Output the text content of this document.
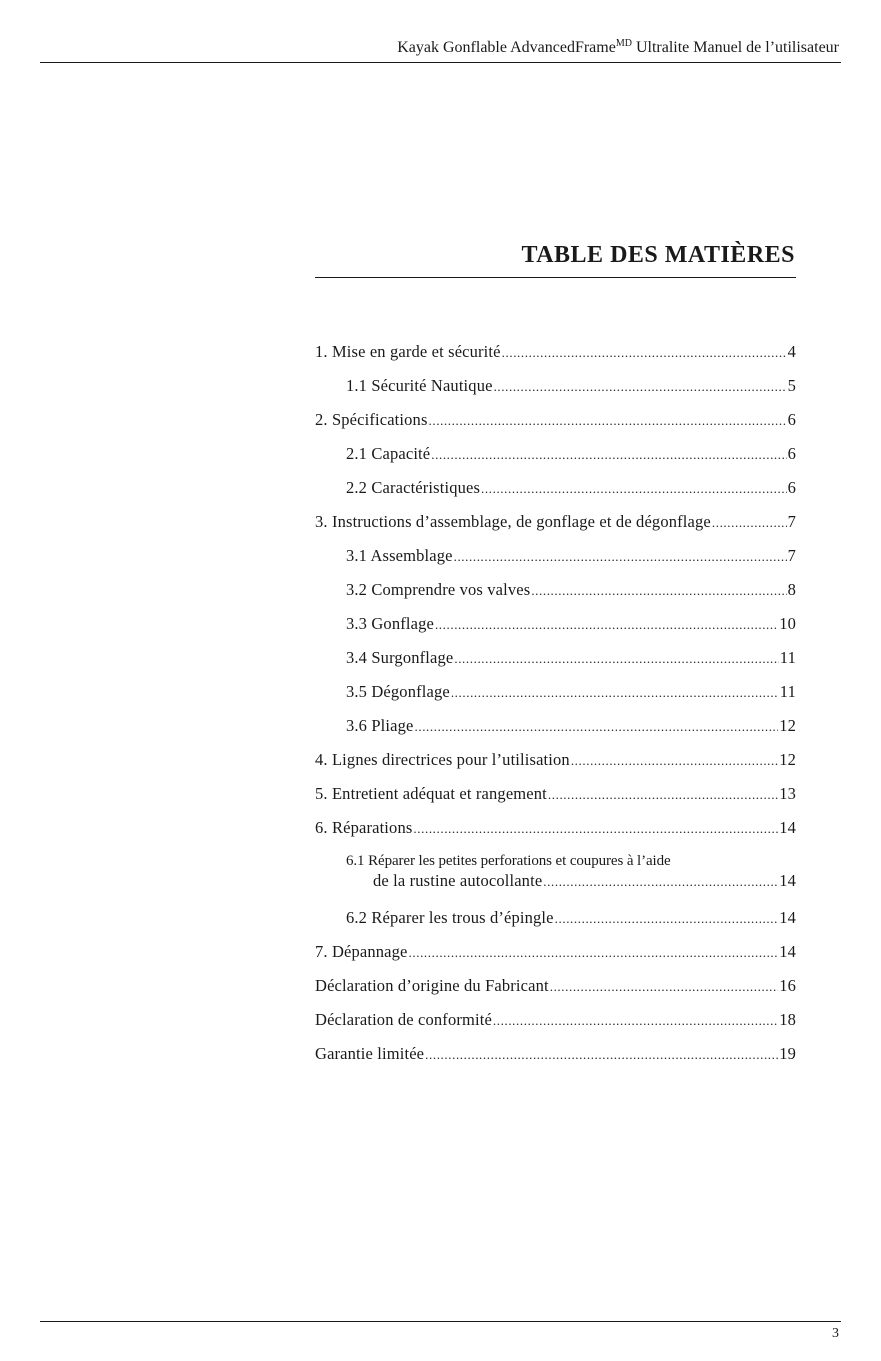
Kayak Gonflable AdvancedFrame$^{MD}$ Ultralite Manuel de l’utilisateur
TABLE DES MATIÈRES
1. Mise en garde et sécurité .....	4
1.1 Sécurité Nautique .....	5
2. Spécifications .....	6
2.1 Capacité .....	6
2.2 Caractéristiques .....	6
3. Instructions d’assemblage, de gonflage et de dégonflage .....	7
3.1 Assemblage .....	7
3.2 Comprendre vos valves .....	8
3.3 Gonflage .....	10
3.4 Surgonflage .....	11
3.5 Dégonflage .....	11
3.6 Pliage .....	12
4. Lignes directrices pour l’utilisation .....	12
5. Entretient adéquat et rangement .....	13
6. Réparations .....	14
6.1 Réparer les petites perforations et coupures à l’aide
de la rustine autocollante .....	14
6.2 Réparer les trous d’épingle .....	14
7. Dépannage .....	14
Déclaration d’origine du Fabricant .....	16
Déclaration de conformité .....	18
Garantie limitée .....	19
3
